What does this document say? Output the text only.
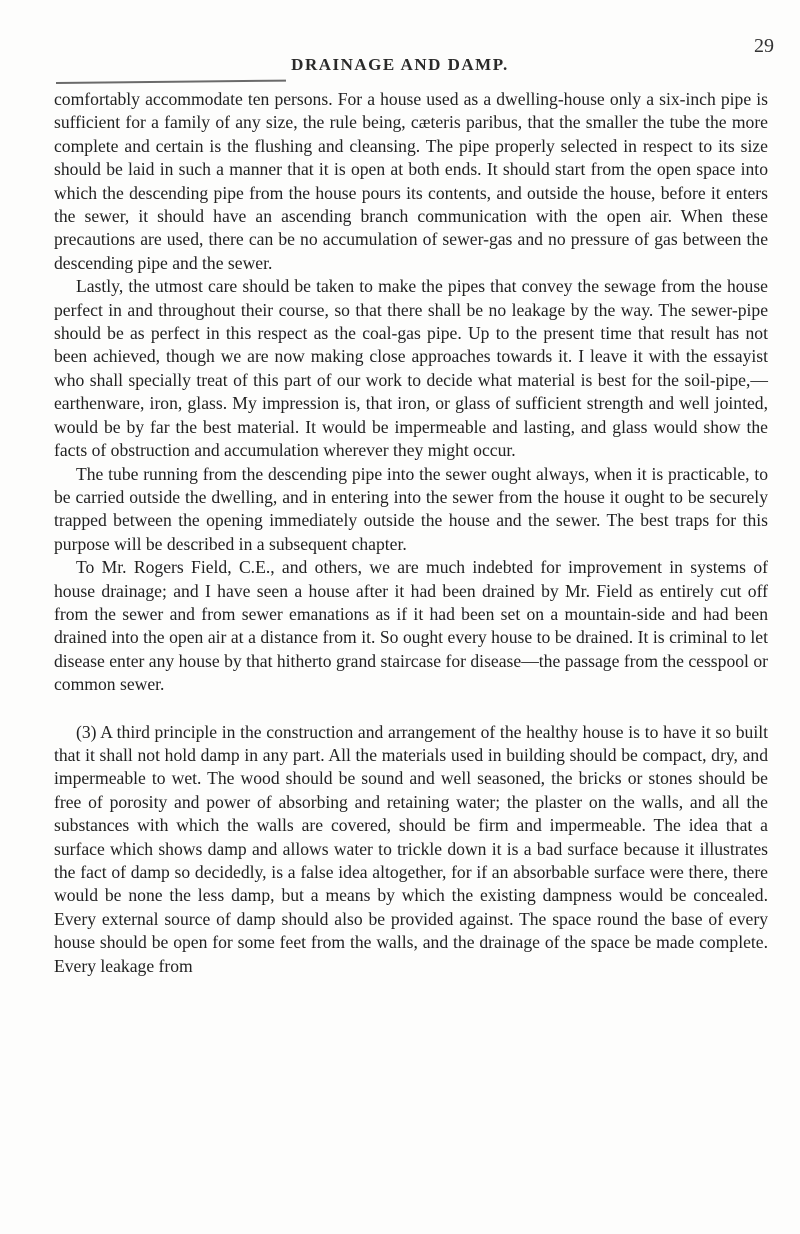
DRAINAGE AND DAMP.
29

comfortably accommodate ten persons. For a house used as a dwelling-house only a six-inch pipe is sufficient for a family of any size, the rule being, cæteris paribus, that the smaller the tube the more complete and certain is the flushing and cleansing. The pipe properly selected in respect to its size should be laid in such a manner that it is open at both ends. It should start from the open space into which the descending pipe from the house pours its contents, and outside the house, before it enters the sewer, it should have an ascending branch communication with the open air. When these precautions are used, there can be no accumulation of sewer-gas and no pressure of gas between the descending pipe and the sewer.

Lastly, the utmost care should be taken to make the pipes that convey the sewage from the house perfect in and throughout their course, so that there shall be no leakage by the way. The sewer-pipe should be as perfect in this respect as the coal-gas pipe. Up to the present time that result has not been achieved, though we are now making close approaches towards it. I leave it with the essayist who shall specially treat of this part of our work to decide what material is best for the soil-pipe,—earthenware, iron, glass. My impression is, that iron, or glass of sufficient strength and well jointed, would be by far the best material. It would be impermeable and lasting, and glass would show the facts of obstruction and accumulation wherever they might occur.

The tube running from the descending pipe into the sewer ought always, when it is practicable, to be carried outside the dwelling, and in entering into the sewer from the house it ought to be securely trapped between the opening immediately outside the house and the sewer. The best traps for this purpose will be described in a subsequent chapter.

To Mr. Rogers Field, C.E., and others, we are much indebted for improvement in systems of house drainage; and I have seen a house after it had been drained by Mr. Field as entirely cut off from the sewer and from sewer emanations as if it had been set on a mountain-side and had been drained into the open air at a distance from it. So ought every house to be drained. It is criminal to let disease enter any house by that hitherto grand staircase for disease—the passage from the cesspool or common sewer.

(3) A third principle in the construction and arrangement of the healthy house is to have it so built that it shall not hold damp in any part. All the materials used in building should be compact, dry, and impermeable to wet. The wood should be sound and well seasoned, the bricks or stones should be free of porosity and power of absorbing and retaining water; the plaster on the walls, and all the substances with which the walls are covered, should be firm and impermeable. The idea that a surface which shows damp and allows water to trickle down it is a bad surface because it illustrates the fact of damp so decidedly, is a false idea altogether, for if an absorbable surface were there, there would be none the less damp, but a means by which the existing dampness would be concealed. Every external source of damp should also be provided against. The space round the base of every house should be open for some feet from the walls, and the drainage of the space be made complete. Every leakage from
